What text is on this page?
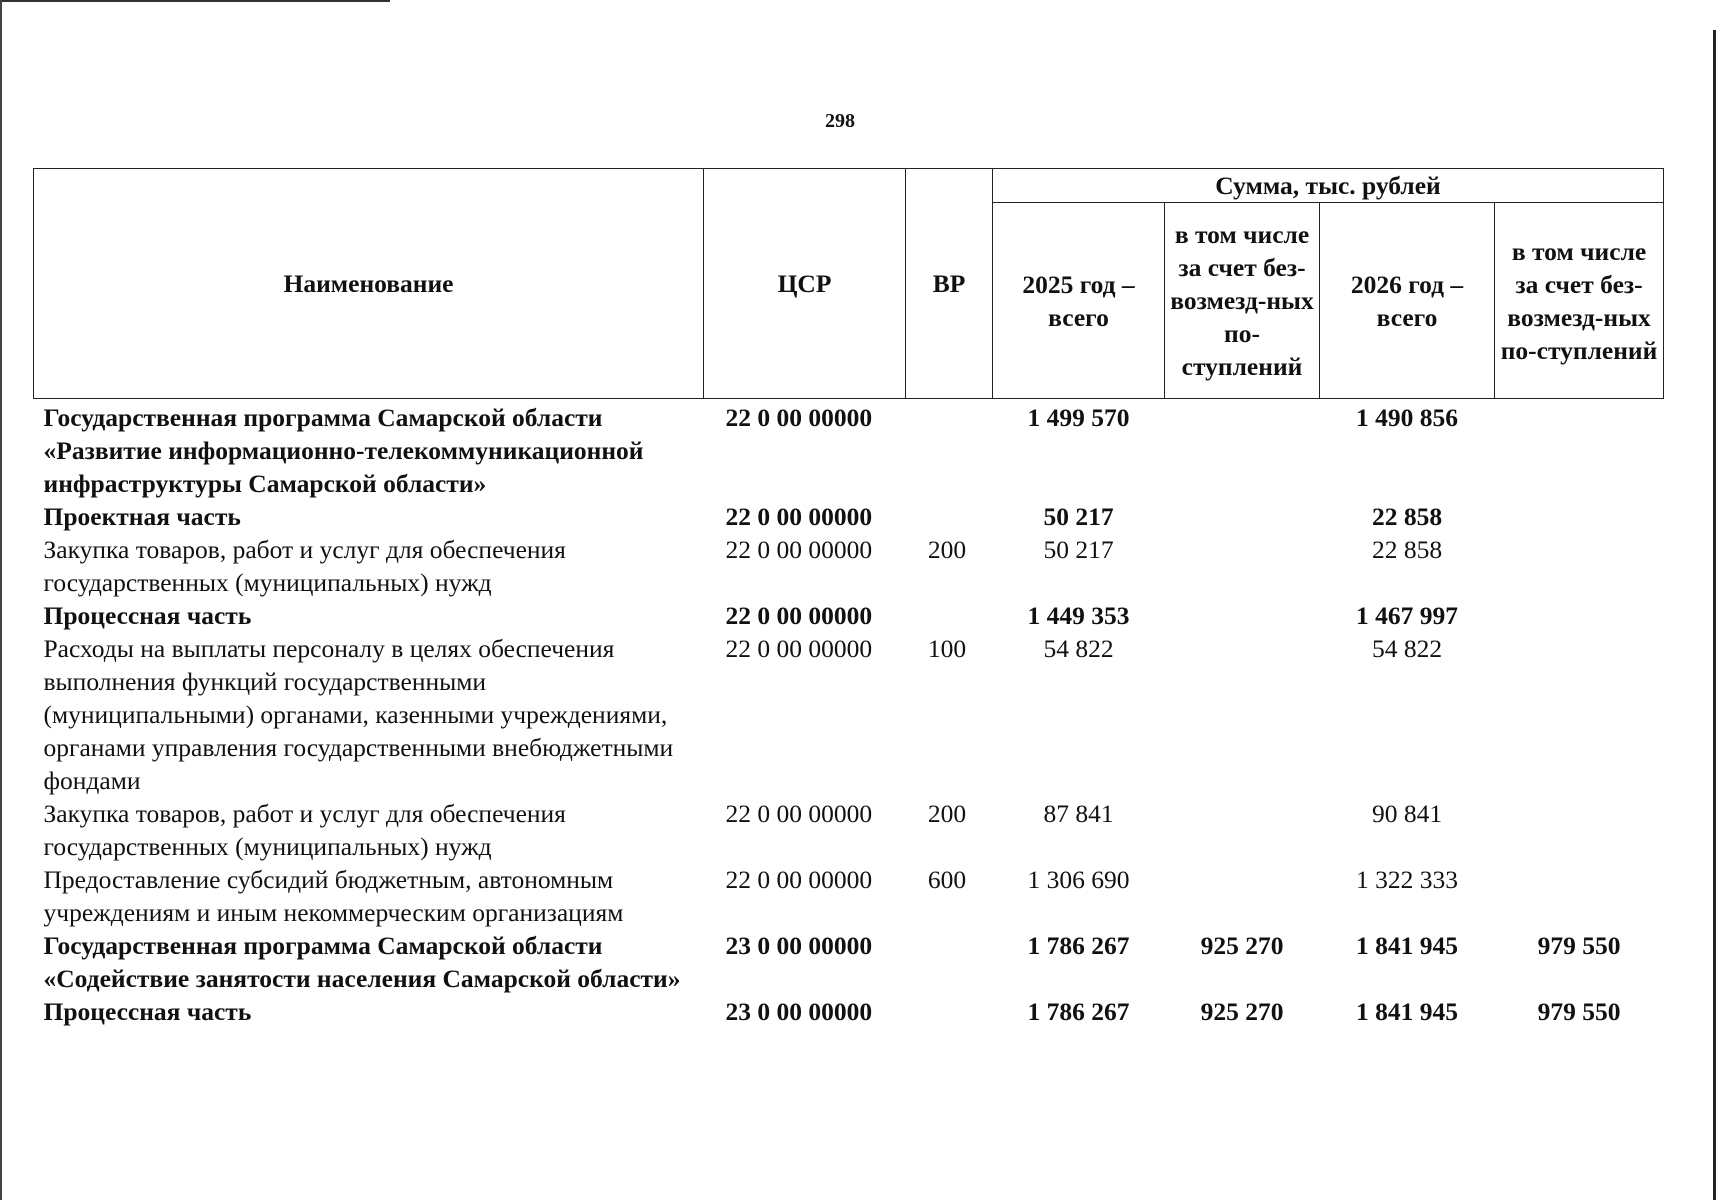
298
Наименование	ЦСР	ВР	Сумма, тыс. рублей			
			2025 год – всего	в том числе за счет без-возмезд-ных по-ступлений	2026 год – всего	в том числе за счет без-возмезд-ных по-ступлений
Государственная программа Самарской области «Развитие информационно-телекоммуникационной инфраструктуры Самарской области»	22 0 00 00000		1 499 570		1 490 856	
Проектная часть	22 0 00 00000		50 217		22 858	
Закупка товаров, работ и услуг для обеспечения государственных (муниципальных) нужд	22 0 00 00000	200	50 217		22 858	
Процессная часть	22 0 00 00000		1 449 353		1 467 997	
Расходы на выплаты персоналу в целях обеспечения выполнения функций государственными (муниципальными) органами, казенными учреждениями, органами управления государственными внебюджетными фондами	22 0 00 00000	100	54 822		54 822	
Закупка товаров, работ и услуг для обеспечения государственных (муниципальных) нужд	22 0 00 00000	200	87 841		90 841	
Предоставление субсидий бюджетным, автономным учреждениям и иным некоммерческим организациям	22 0 00 00000	600	1 306 690		1 322 333	
Государственная программа Самарской области «Содействие занятости населения Самарской области»	23 0 00 00000		1 786 267	925 270	1 841 945	979 550
Процессная часть	23 0 00 00000		1 786 267	925 270	1 841 945	979 550
